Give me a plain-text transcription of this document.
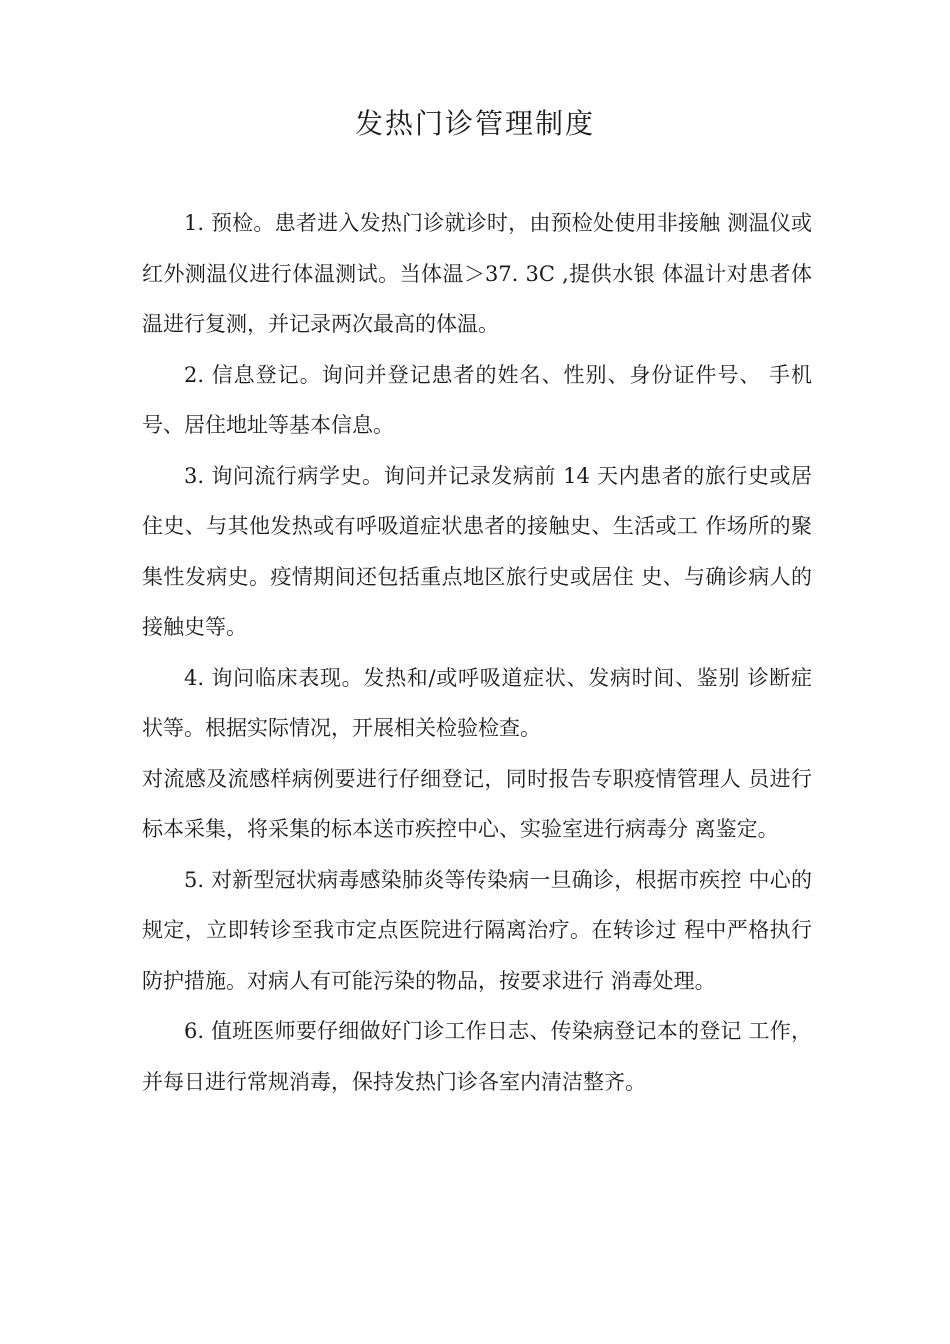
发热门诊管理制度

1. 预检。患者进入发热门诊就诊时，由预检处使用非接触 测温仪或红外测温仪进行体温测试。当体温＞37. 3C ,提供水银 体温计对患者体温进行复测，并记录两次最高的体温。

2. 信息登记。询问并登记患者的姓名、性别、身份证件号、 手机号、居住地址等基本信息。

3. 询问流行病学史。询问并记录发病前 14 天内患者的旅行史或居住史、与其他发热或有呼吸道症状患者的接触史、生活或工 作场所的聚集性发病史。疫情期间还包括重点地区旅行史或居住 史、与确诊病人的接触史等。

4. 询问临床表现。发热和/或呼吸道症状、发病时间、鉴别 诊断症状等。根据实际情况，开展相关检验检查。

对流感及流感样病例要进行仔细登记，同时报告专职疫情管理人 员进行标本采集，将采集的标本送市疾控中心、实验室进行病毒分 离鉴定。

5. 对新型冠状病毒感染肺炎等传染病一旦确诊，根据市疾控 中心的规定，立即转诊至我市定点医院进行隔离治疗。在转诊过 程中严格执行防护措施。对病人有可能污染的物品，按要求进行 消毒处理。

6. 值班医师要仔细做好门诊工作日志、传染病登记本的登记 工作，并每日进行常规消毒，保持发热门诊各室内清洁整齐。
